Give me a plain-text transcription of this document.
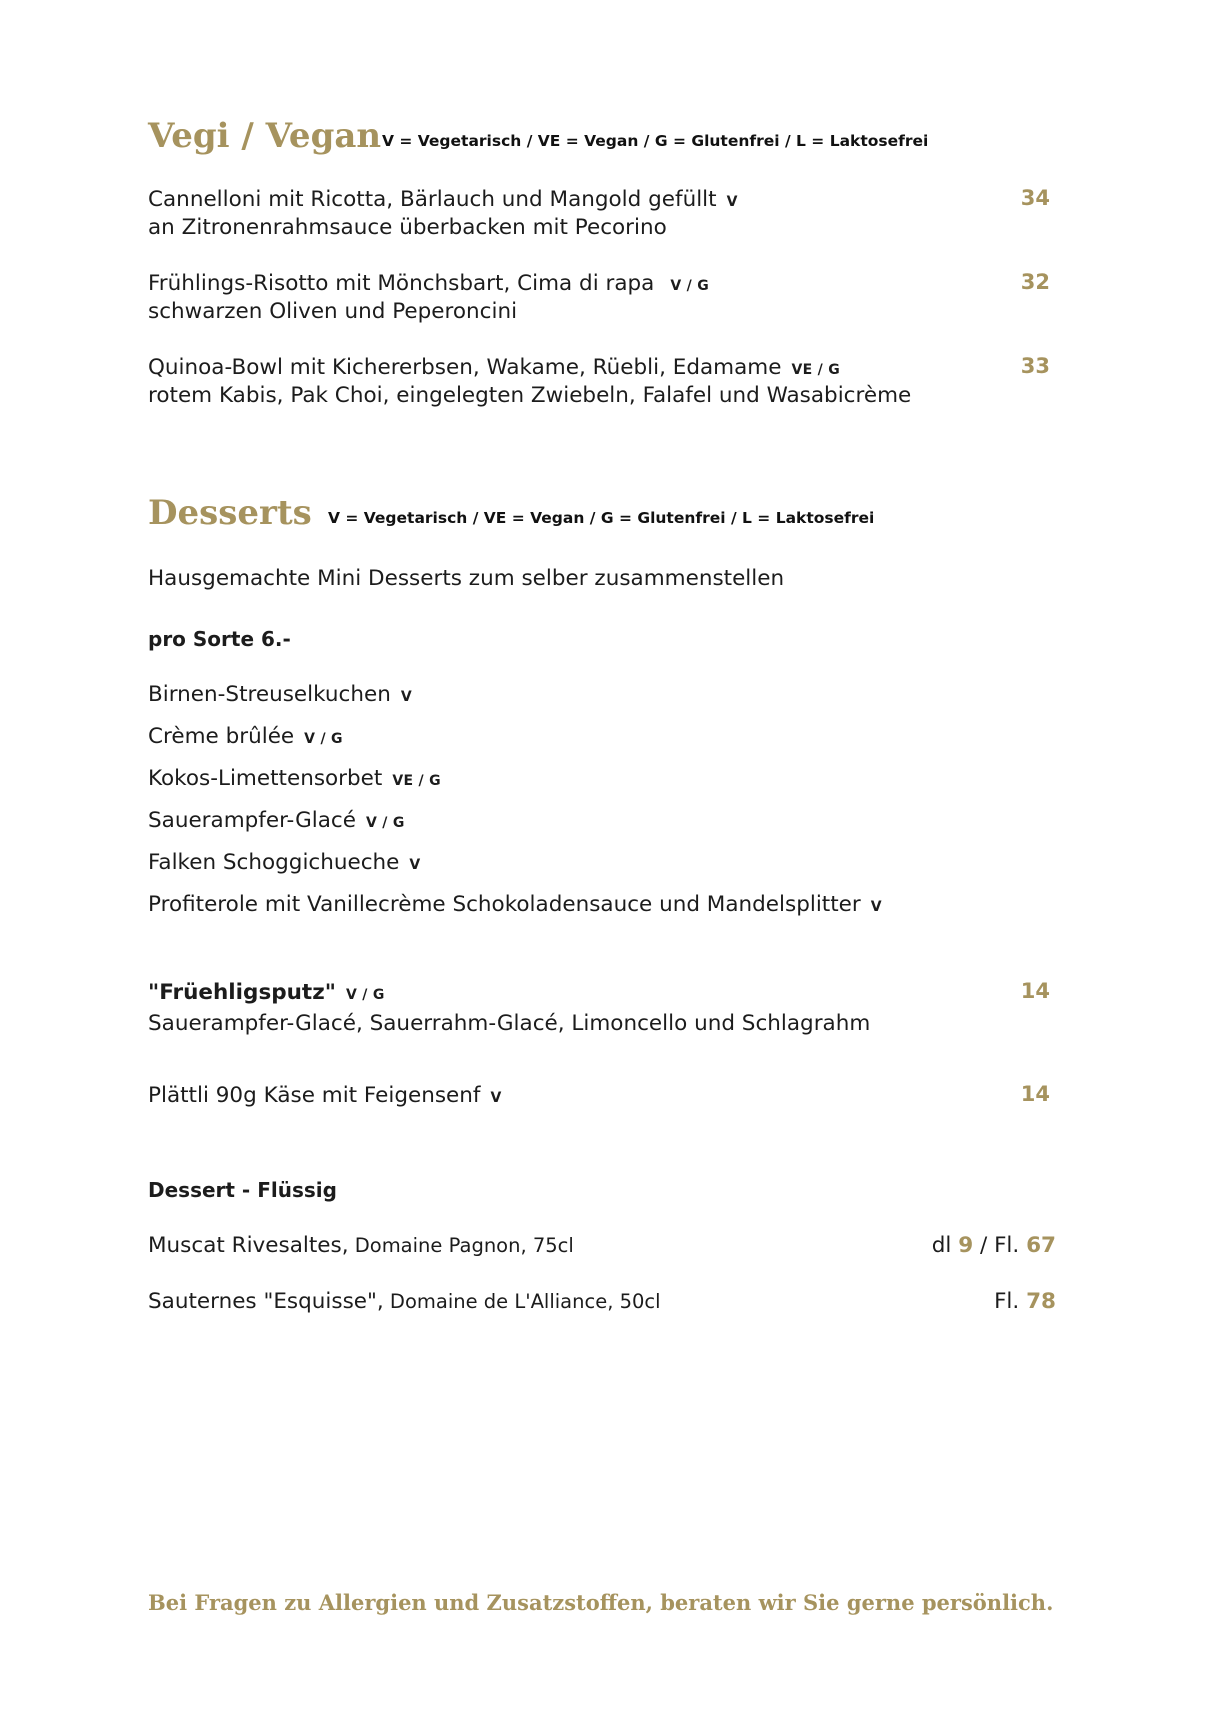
Vegi / Vegan V = Vegetarisch / VE = Vegan / G = Glutenfrei / L = Laktosefrei
Cannelloni mit Ricotta, Bärlauch und Mangold gefüllt V
an Zitronenrahmsauce überbacken mit Pecorino
34
Frühlings-Risotto mit Mönchsbart, Cima di rapa V / G
schwarzen Oliven und Peperoncini
32
Quinoa-Bowl mit Kichererbsen, Wakame, Rüebli, Edamame VE / G
rotem Kabis, Pak Choi, eingelegten Zwiebeln, Falafel und Wasabicrème
33
Desserts V = Vegetarisch / VE = Vegan / G = Glutenfrei / L = Laktosefrei
Hausgemachte Mini Desserts zum selber zusammenstellen
pro Sorte 6.-
Birnen-Streuselkuchen V
Crème brûlée V / G
Kokos-Limettensorbet VE / G
Sauerampfer-Glacé V / G
Falken Schoggichueche V
Profiterole mit Vanillecrème Schokoladensauce und Mandelsplitter V
"Früehligsputz" V / G
Sauerampfer-Glacé, Sauerrahm-Glacé, Limoncello und Schlagrahm
14
Plättli 90g Käse mit Feigensenf V	14
Dessert - Flüssig
Muscat Rivesaltes, Domaine Pagnon, 75cl	dl 9 / Fl. 67
Sauternes "Esquisse", Domaine de L'Alliance, 50cl	Fl. 78
Bei Fragen zu Allergien und Zusatzstoffen, beraten wir Sie gerne persönlich.
